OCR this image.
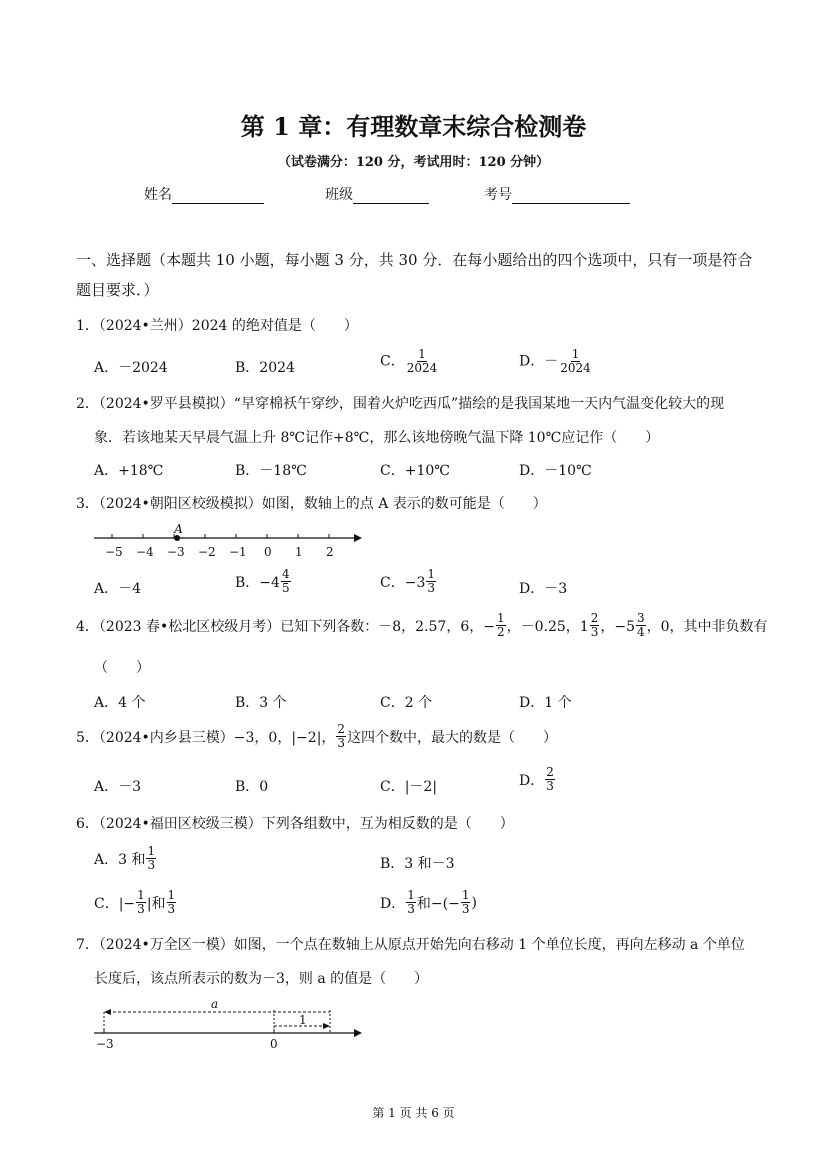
第 1 章：有理数章末综合检测卷
（试卷满分：120 分，考试用时：120 分钟）
姓名	班级	考号
一、选择题（本题共 10 小题，每小题 3 分，共 30 分．在每小题给出的四个选项中，只有一项是符合题目要求．）
1．（2024•兰州）2024 的绝对值是（　　）
A．－2024	B．2024	C． $\frac{1}{2024}$	D．－ $\frac{1}{2024}$
2．（2024•罗平县模拟）“早穿棉袄午穿纱，围着火炉吃西瓜”描绘的是我国某地一天内气温变化较大的现
象．若该地某天早晨气温上升 8℃记作+8℃，那么该地傍晚气温下降 10℃应记作（　　）
A．+18℃	B．－18℃	C．+10℃	D．－10℃
3．（2024•朝阳区校级模拟）如图，数轴上的点 A 表示的数可能是（　　）
−5 −4 −3 −2 −1 0 1 2
A
A．－4	B．$-4 \frac{4}{5}$	C．$-3 \frac{1}{3}$	D．－3
4．（2023 春•松北区校级月考）已知下列各数：－8，2.57，6，− $\frac{1}{2}$ ，－0.25，$1 \frac{2}{3}$ ，$-5 \frac{3}{4}$ ，0，其中非负数有
（　　）
A．4 个	B．3 个	C．2 个	D．1 个
5．（2024•内乡县三模）−3，0，|−2|， $\frac{2}{3}$ 这四个数中，最大的数是（　　）
A．－3	B．0	C．|－2|	D． $\frac{2}{3}$
6．（2024•福田区校级三模）下列各组数中，互为相反数的是（　　）
A．3 和 $\frac{1}{3}$	B．3 和－3
C．|− $\frac{1}{3}$ |和 $\frac{1}{3}$	D． $\frac{1}{3}$ 和−(− $\frac{1}{3}$ )
7．（2024•万全区一模）如图，一个点在数轴上从原点开始先向右移动 1 个单位长度，再向左移动 a 个单位
长度后，该点所表示的数为－3，则 a 的值是（　　）
−3	0
a
1
第 1 页 共 6 页
